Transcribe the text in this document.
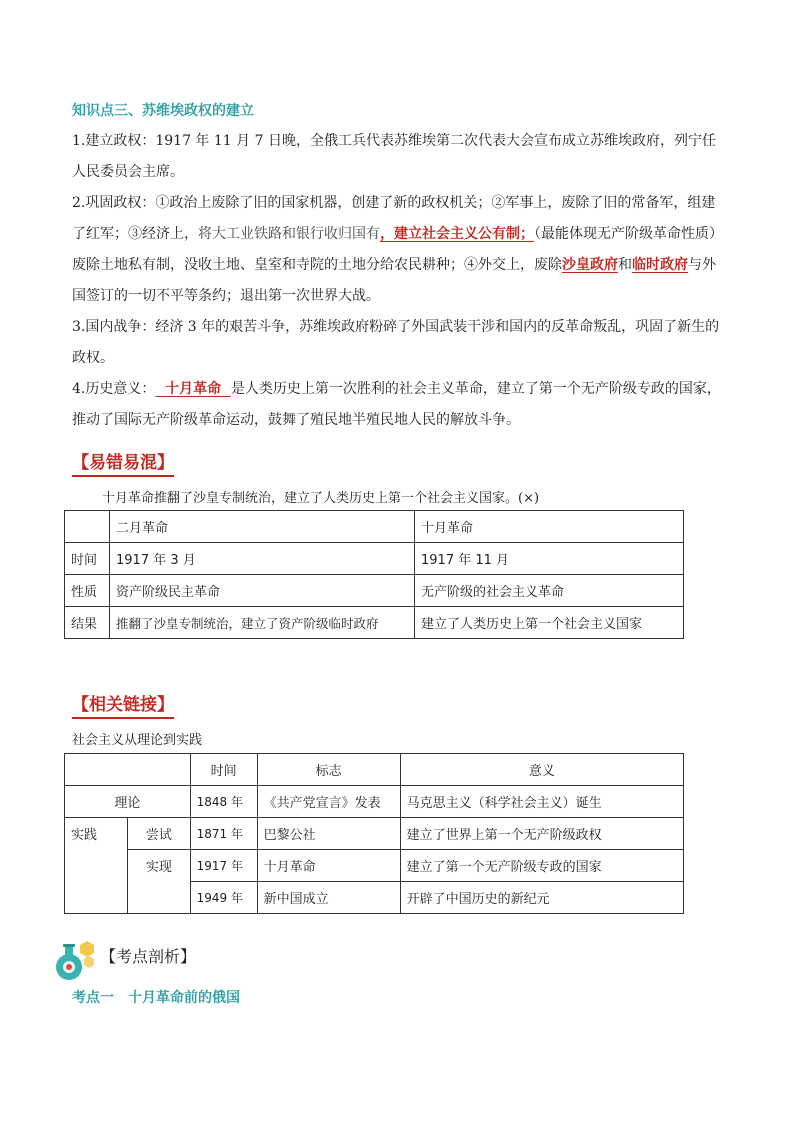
知识点三、苏维埃政权的建立
1.建立政权：1917 年 11 月 7 日晚，全俄工兵代表苏维埃第二次代表大会宣布成立苏维埃政府，列宁任人民委员会主席。
2.巩固政权：①政治上废除了旧的国家机器，创建了新的政权机关；②军事上，废除了旧的常备军，组建了红军；③经济上，将大工业铁路和银行收归国有，建立社会主义公有制；（最能体现无产阶级革命性质）废除土地私有制，没收土地、皇室和寺院的土地分给农民耕种；④外交上，废除沙皇政府和临时政府与外国签订的一切不平等条约；退出第一次世界大战。
3.国内战争：经济 3 年的艰苦斗争，苏维埃政府粉碎了外国武装干涉和国内的反革命叛乱，巩固了新生的政权。
4.历史意义：  十月革命  是人类历史上第一次胜利的社会主义革命，建立了第一个无产阶级专政的国家，推动了国际无产阶级革命运动，鼓舞了殖民地半殖民地人民的解放斗争。
【易错易混】
十月革命推翻了沙皇专制统治，建立了人类历史上第一个社会主义国家。(×)
	二月革命	十月革命
时间	1917 年 3 月	1917 年 11 月
性质	资产阶级民主革命	无产阶级的社会主义革命
结果	推翻了沙皇专制统治，建立了资产阶级临时政府	建立了人类历史上第一个社会主义国家
【相关链接】
社会主义从理论到实践
		时间	标志	意义
理论		1848 年	《共产党宣言》发表	马克思主义（科学社会主义）诞生
实践	尝试	1871 年	巴黎公社	建立了世界上第一个无产阶级政权
	实现	1917 年	十月革命	建立了第一个无产阶级专政的国家
		1949 年	新中国成立	开辟了中国历史的新纪元
【考点剖析】
考点一　十月革命前的俄国
